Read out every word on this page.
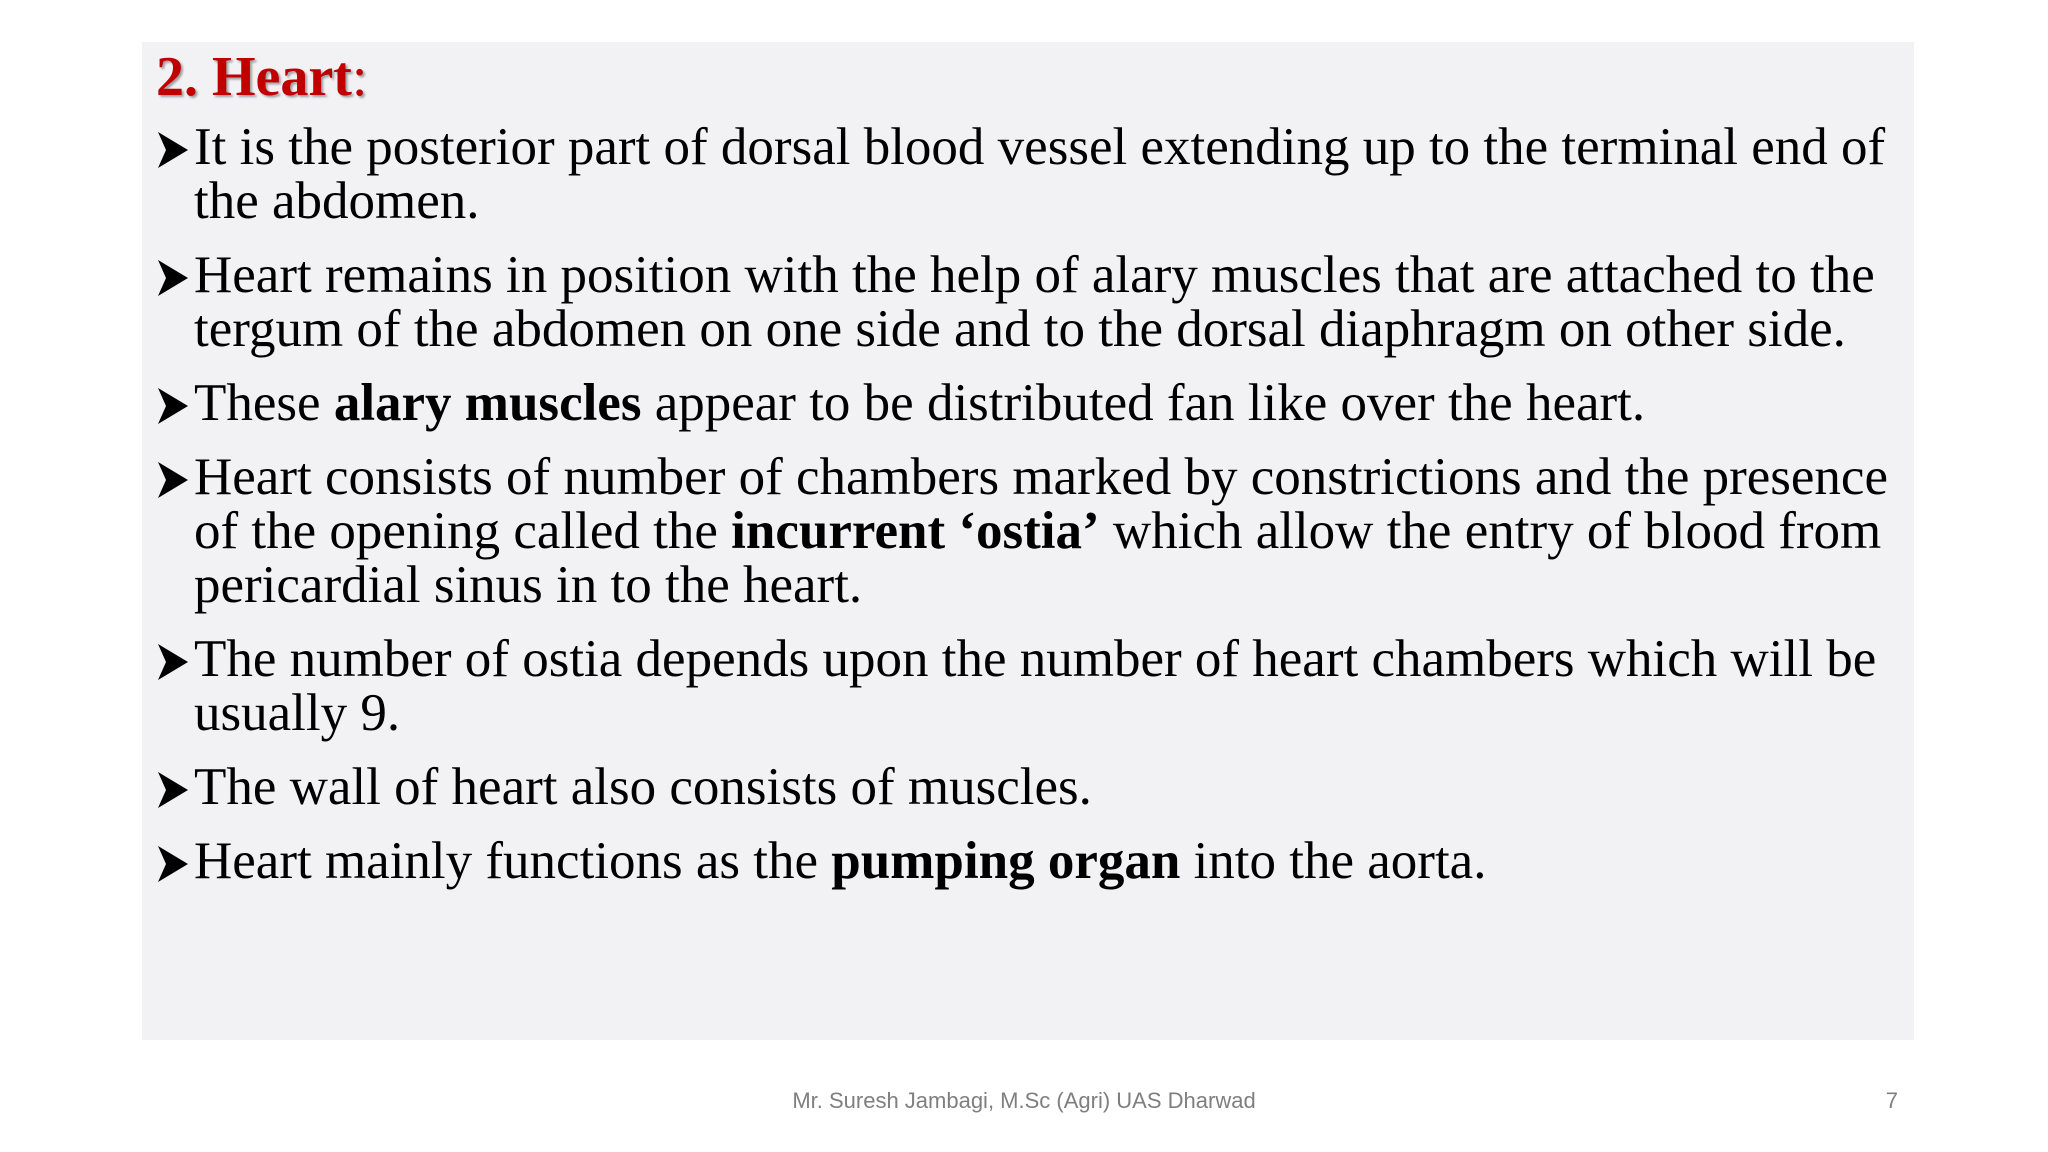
2. Heart:
It is the posterior part of dorsal blood vessel extending up to the terminal end of the abdomen.
Heart remains in position with the help of alary muscles that are attached to the tergum of the abdomen on one side and to the dorsal diaphragm on other side.
These alary muscles appear to be distributed fan like over the heart.
Heart consists of number of chambers marked by constrictions and the presence of the opening called the incurrent ‘ostia’ which allow the entry of blood from pericardial sinus in to the heart.
The number of ostia depends upon the number of heart chambers which will be usually 9.
The wall of heart also consists of muscles.
Heart mainly functions as the pumping organ into the aorta.
Mr. Suresh Jambagi, M.Sc (Agri) UAS Dharwad	7
